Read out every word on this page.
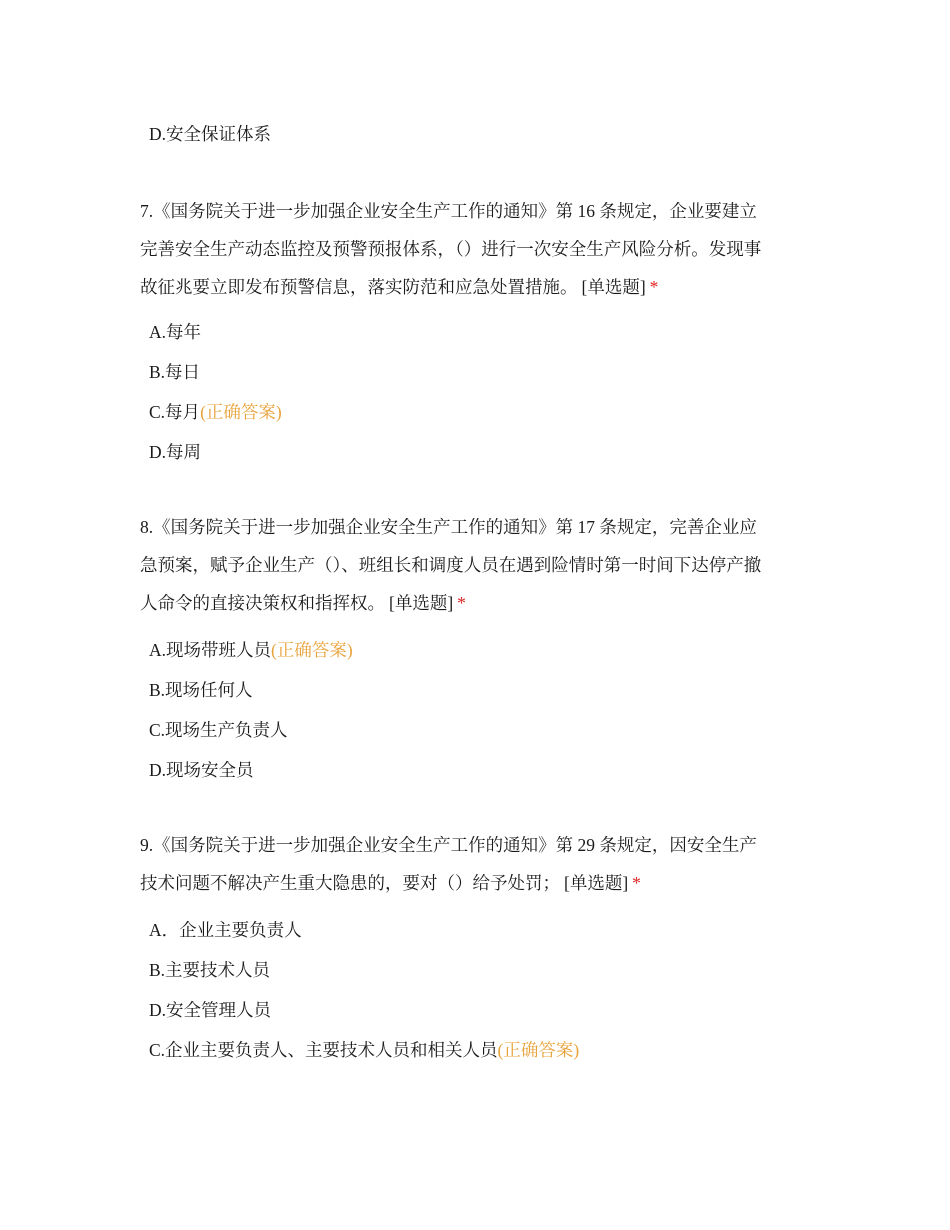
D.安全保证体系
7.《国务院关于进一步加强企业安全生产工作的通知》第 16 条规定，企业要建立
完善安全生产动态监控及预警预报体系，（）进行一次安全生产风险分析。发现事
故征兆要立即发布预警信息，落实防范和应急处置措施。 [单选题] *
A.每年
B.每日
C.每月(正确答案)
D.每周
8.《国务院关于进一步加强企业安全生产工作的通知》第 17 条规定，完善企业应
急预案，赋予企业生产（）、班组长和调度人员在遇到险情时第一时间下达停产撤
人命令的直接决策权和指挥权。 [单选题] *
A.现场带班人员(正确答案)
B.现场任何人
C.现场生产负责人
D.现场安全员
9.《国务院关于进一步加强企业安全生产工作的通知》第 29 条规定，因安全生产
技术问题不解决产生重大隐患的，要对（）给予处罚； [单选题] *
A．企业主要负责人
B.主要技术人员
D.安全管理人员
C.企业主要负责人、主要技术人员和相关人员(正确答案)
